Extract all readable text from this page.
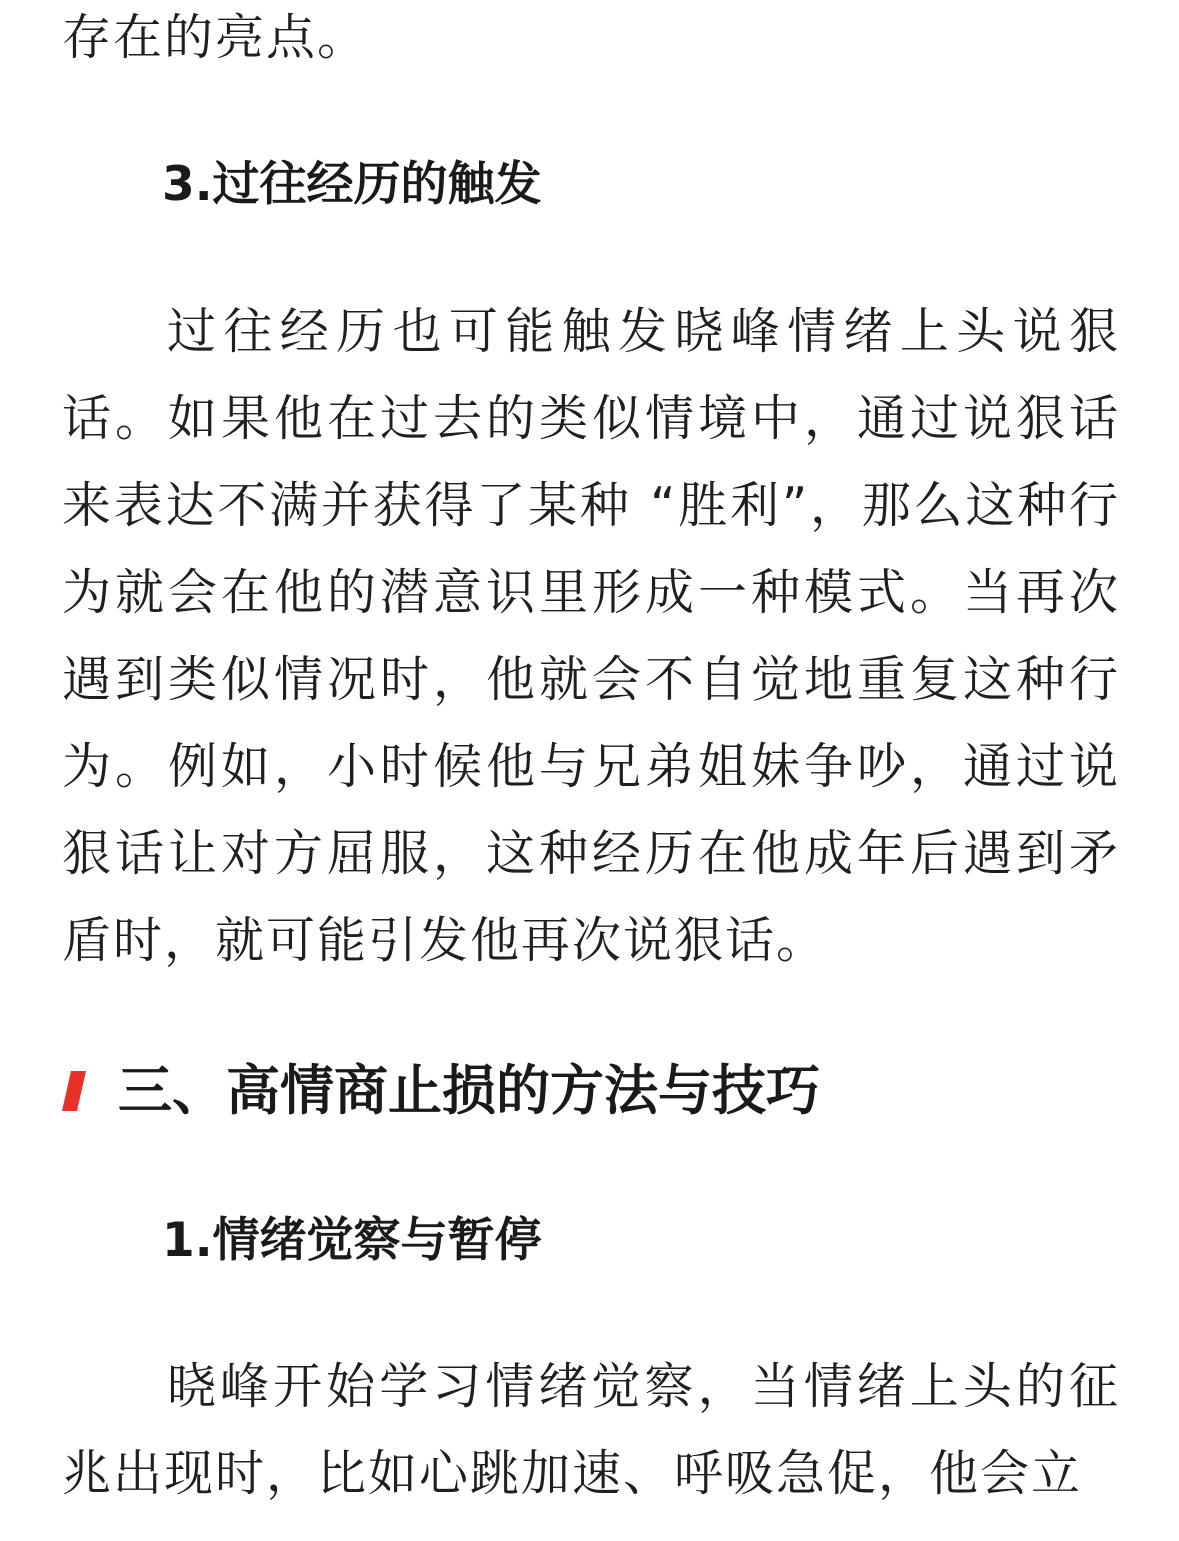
存在的亮点。

3.过往经历的触发

过往经历也可能触发晓峰情绪上头说狠话。如果他在过去的类似情境中，通过说狠话来表达不满并获得了某种 “胜利”，那么这种行为就会在他的潜意识里形成一种模式。当再次遇到类似情况时，他就会不自觉地重复这种行为。例如，小时候他与兄弟姐妹争吵，通过说狠话让对方屈服，这种经历在他成年后遇到矛盾时，就可能引发他再次说狠话。

三、高情商止损的方法与技巧
1.情绪觉察与暂停

晓峰开始学习情绪觉察，当情绪上头的征兆出现时，比如心跳加速、呼吸急促，他会立
